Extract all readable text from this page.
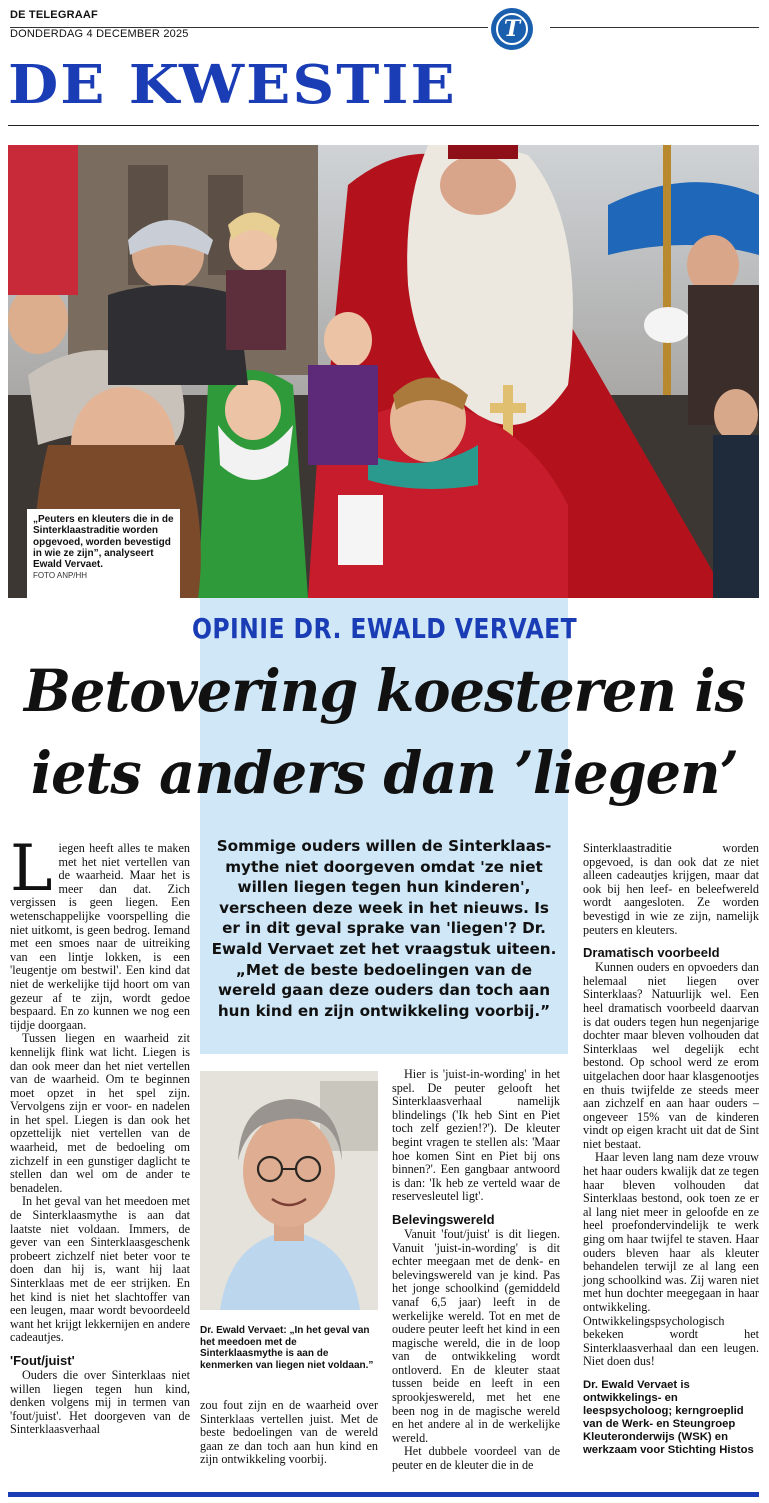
DE TELEGRAAF
DONDERDAG 4 DECEMBER 2025	T
DE KWESTIE
„Peuters en kleuters die in de Sinterklaastraditie worden opgevoed, worden bevestigd in wie ze zijn”, analyseert Ewald Vervaet.
FOTO ANP/HH
OPINIE DR. EWALD VERVAET
Betovering koesteren is
iets anders dan ’liegen’
Sommige ouders willen de Sinterklaas-mythe niet doorgeven omdat 'ze niet willen liegen tegen hun kinderen', verscheen deze week in het nieuws. Is er in dit geval sprake van 'liegen'? Dr. Ewald Vervaet zet het vraagstuk uiteen. „Met de beste bedoelingen van de wereld gaan deze ouders dan toch aan hun kind en zijn ontwikkeling voorbij.”

Liegen heeft alles te maken met het niet vertellen van de waarheid. Maar het is meer dan dat. Zich vergissen is geen liegen. Een wetenschappelijke voorspelling die niet uitkomt, is geen bedrog. Iemand met een smoes naar de uitreiking van een lintje lokken, is een 'leugentje om bestwil'. Een kind dat niet de werkelijke tijd hoort om van gezeur af te zijn, wordt gedoe bespaard. En zo kunnen we nog een tijdje doorgaan.

Tussen liegen en waarheid zit kennelijk flink wat licht. Liegen is dan ook meer dan het niet vertellen van de waarheid. Om te beginnen moet opzet in het spel zijn. Vervolgens zijn er voor- en nadelen in het spel. Liegen is dan ook het opzettelijk niet vertellen van de waarheid, met de bedoeling om zichzelf in een gunstiger daglicht te stellen dan wel om de ander te benadelen.

In het geval van het meedoen met de Sinterklaasmythe is aan dat laatste niet voldaan. Immers, de gever van een Sinterklaasgeschenk probeert zichzelf niet beter voor te doen dan hij is, want hij laat Sinterklaas met de eer strijken. En het kind is niet het slachtoffer van een leugen, maar wordt bevoordeeld want het krijgt lekkernijen en andere cadeautjes.

'Fout/juist'

Ouders die over Sinterklaas niet willen liegen tegen hun kind, denken volgens mij in termen van 'fout/juist'. Het doorgeven van de Sinterklaasverhaal

Dr. Ewald Vervaet: „In het geval van het meedoen met de Sinterklaasmythe is aan de kenmerken van liegen niet voldaan.”

zou fout zijn en de waarheid over Sinterklaas vertellen juist. Met de beste bedoelingen van de wereld gaan ze dan toch aan hun kind en zijn ontwikkeling voorbij.

Hier is 'juist-in-wording' in het spel. De peuter gelooft het Sinterklaasverhaal namelijk blindelings ('Ik heb Sint en Piet toch zelf gezien!?'). De kleuter begint vragen te stellen als: 'Maar hoe komen Sint en Piet bij ons binnen?'. Een gangbaar antwoord is dan: 'Ik heb ze verteld waar de reservesleutel ligt'.

Belevingswereld

Vanuit 'fout/juist' is dit liegen. Vanuit 'juist-in-wording' is dit echter meegaan met de denk- en belevingswereld van je kind. Pas het jonge schoolkind (gemiddeld vanaf 6,5 jaar) leeft in de werkelijke wereld. Tot en met de oudere peuter leeft het kind in een magische wereld, die in de loop van de ontwikkeling wordt ontloverd. En de kleuter staat tussen beide en leeft in een sprookjeswereld, met het ene been nog in de magische wereld en het andere al in de werkelijke wereld.

Het dubbele voordeel van de peuter en de kleuter die in de

Sinterklaastraditie worden opgevoed, is dan ook dat ze niet alleen cadeautjes krijgen, maar dat ook bij hen leef- en beleefwereld wordt aangesloten. Ze worden bevestigd in wie ze zijn, namelijk peuters en kleuters.

Dramatisch voorbeeld

Kunnen ouders en opvoeders dan helemaal niet liegen over Sinterklaas? Natuurlijk wel. Een heel dramatisch voorbeeld daarvan is dat ouders tegen hun negenjarige dochter maar bleven volhouden dat Sinterklaas wel degelijk echt bestond. Op school werd ze erom uitgelachen door haar klasgenootjes en thuis twijfelde ze steeds meer aan zichzelf en aan haar ouders – ongeveer 15% van de kinderen vindt op eigen kracht uit dat de Sint niet bestaat.

Haar leven lang nam deze vrouw het haar ouders kwalijk dat ze tegen haar bleven volhouden dat Sinterklaas bestond, ook toen ze er al lang niet meer in geloofde en ze heel proefondervindelijk te werk ging om haar twijfel te staven. Haar ouders bleven haar als kleuter behandelen terwijl ze al lang een jong schoolkind was. Zij waren niet met hun dochter meegegaan in haar ontwikkeling. Ontwikkelingspsychologisch bekeken wordt het Sinterklaasverhaal dan een leugen. Niet doen dus!

Dr. Ewald Vervaet is ontwikkelings- en leespsycholoog; kerngroeplid van de Werk- en Steungroep Kleuteronderwijs (WSK) en werkzaam voor Stichting Histos
